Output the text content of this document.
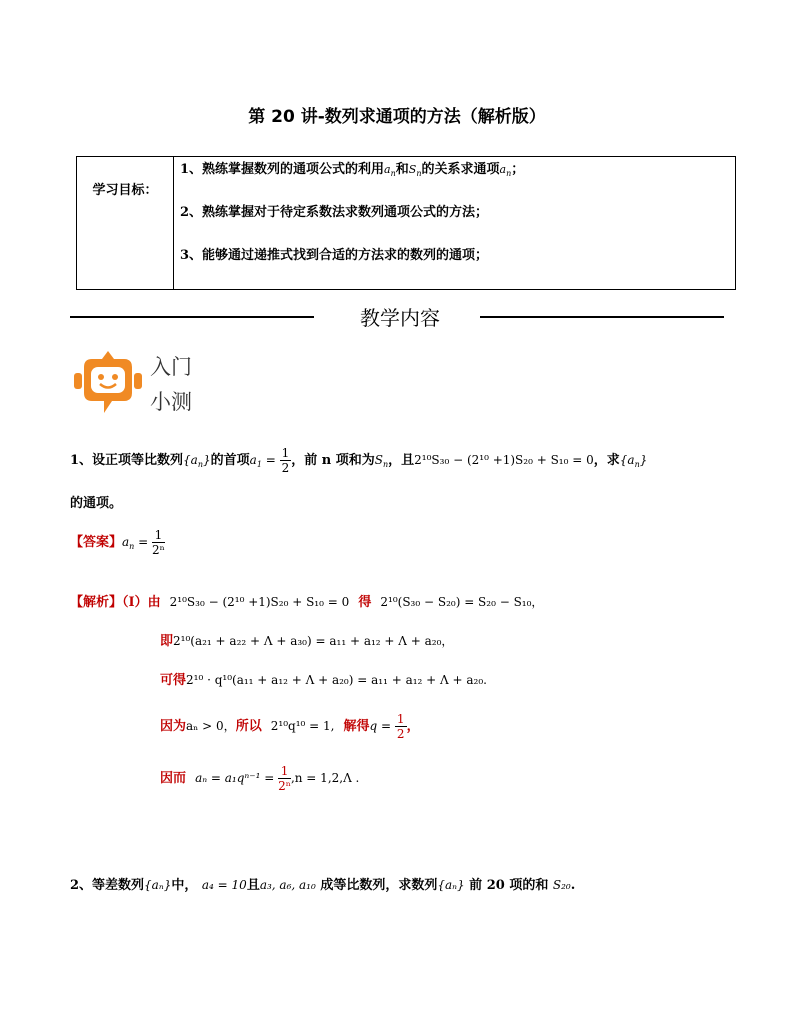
第 20 讲-数列求通项的方法（解析版）
学习目标：	
1、熟练掌握数列的通项公式的利用$a_n$和$S_n$的关系求通项$a_n$；
2、熟练掌握对于待定系数法求数列通项公式的方法；
3、能够通过递推式找到合适的方法求的数列的通项；
教学内容
入门
小测
1、设正项等比数列$\{a_n\}$的首项$a_1 = \frac{1}{2}$ ，前 n 项和为$S_n$，且2¹⁰S₃₀ − (2¹⁰ +1)S₂₀ + S₁₀ = 0，求$\{a_n\}$
的通项。
【答案】$a_n = \frac{1}{\text{2ⁿ}}$
【解析】（Ⅰ）由 2¹⁰S₃₀ − (2¹⁰ +1)S₂₀ + S₁₀ = 0 得 2¹⁰(S₃₀ − S₂₀) = S₂₀ − S₁₀，
即2¹⁰(a₂₁ + a₂₂ + Λ + a₃₀) = a₁₁ + a₁₂ + Λ + a₂₀，
可得2¹⁰ · q¹⁰(a₁₁ + a₁₂ + Λ + a₂₀) = a₁₁ + a₁₂ + Λ + a₂₀.
因为aₙ > 0，所以 2¹⁰q¹⁰ = 1, 解得$q = \frac{1}{2}$ ，
因而 $a_n = a_1q^{n-1} = \frac{1}{\text{2ⁿ}} ,n = 1,2,\Lambda$ .
2、等差数列{aₙ}中， a₄ = 10且a₃, a₆, a₁₀ 成等比数列，求数列{aₙ} 前 20 项的和 S₂₀.
